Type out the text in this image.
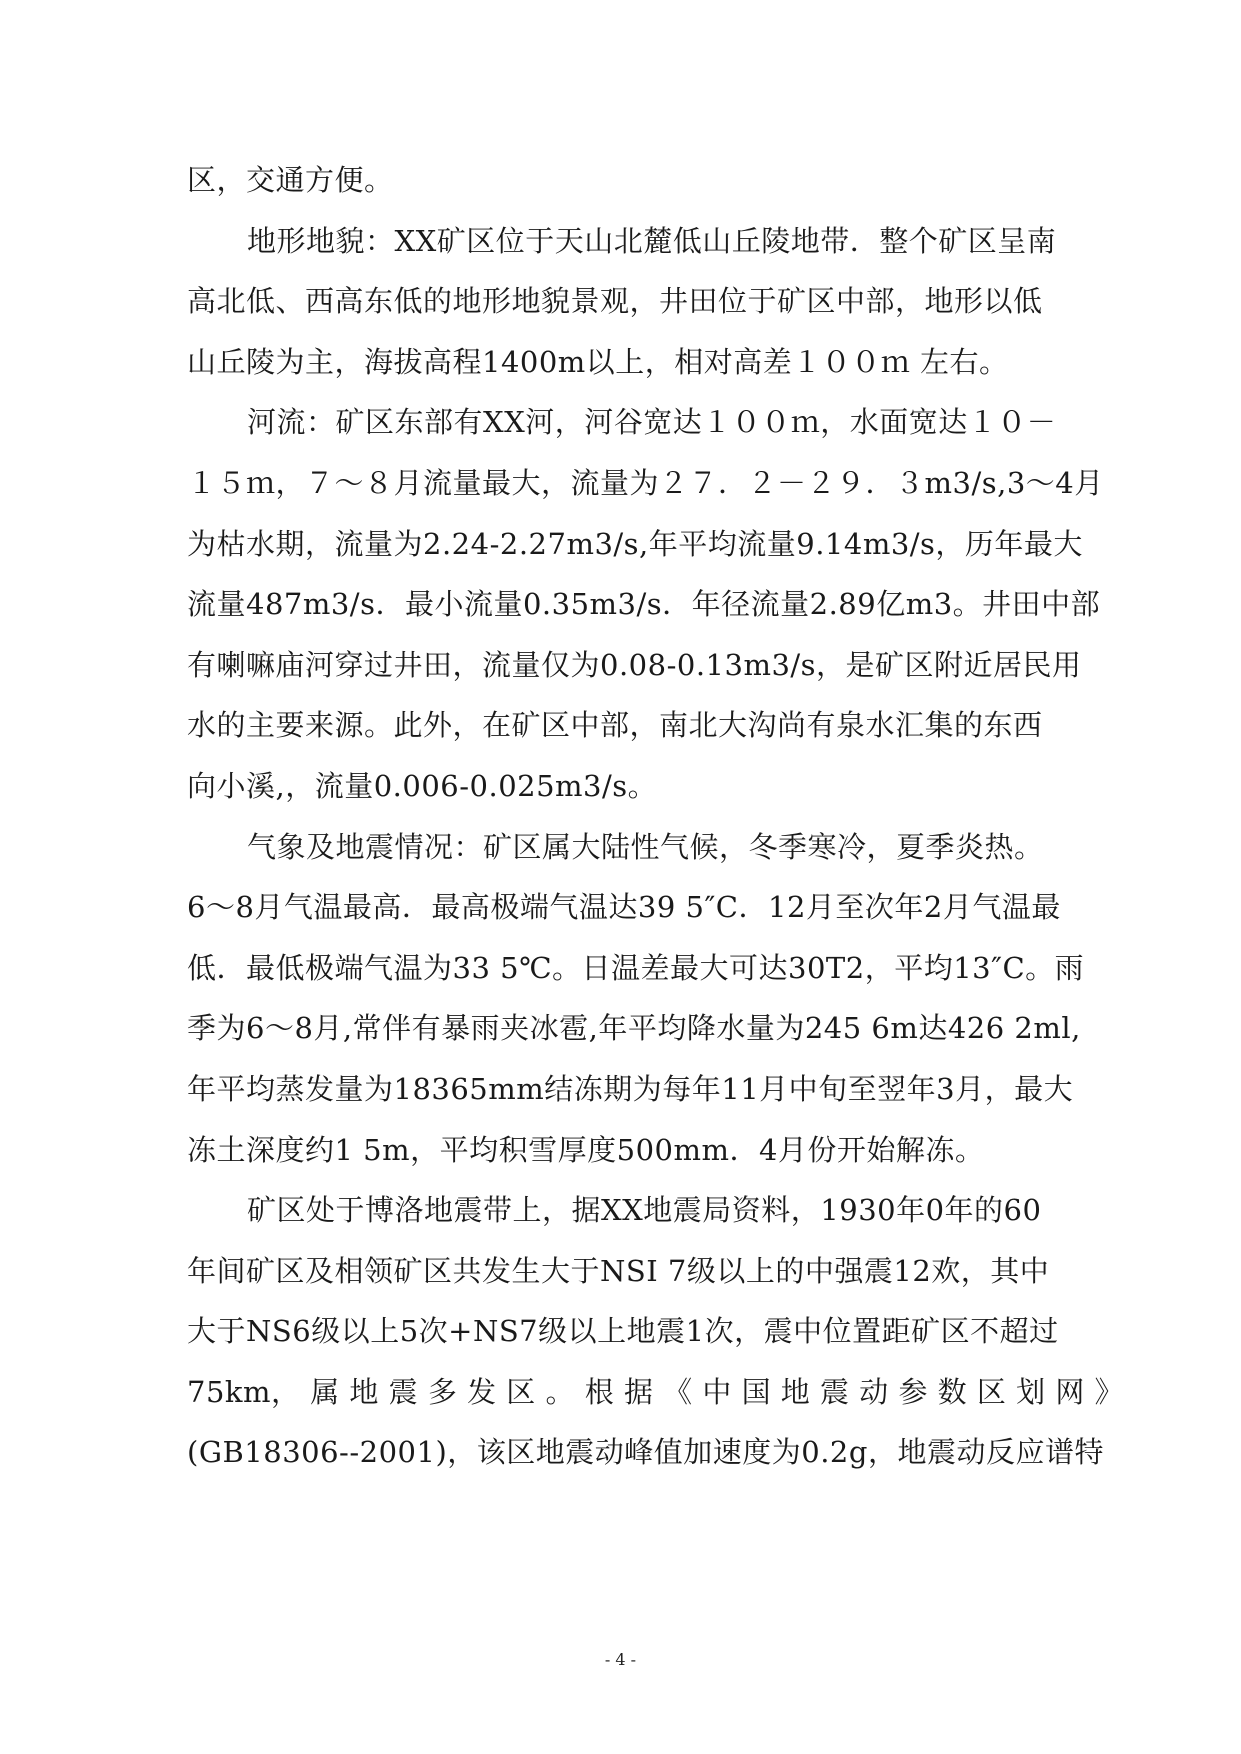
区，交通方便。
地形地貌：XX矿区位于天山北麓低山丘陵地带．整个矿区呈南
高北低、西高东低的地形地貌景观，井田位于矿区中部，地形以低
山丘陵为主，海拔高程1400m以上，相对高差１００ｍ 左右。
河流：矿区东部有XX河，河谷宽达１００ｍ，水面宽达１０－
１５ｍ，７～８月流量最大，流量为２７．２－２９．３m3/s,3～4月
为枯水期，流量为2.24-2.27m3/s,年平均流量9.14m3/s，历年最大
流量487m3/s．最小流量0.35m3/s．年径流量2.89亿m3。井田中部
有喇嘛庙河穿过井田，流量仅为0.08-0.13m3/s，是矿区附近居民用
水的主要来源。此外，在矿区中部，南北大沟尚有泉水汇集的东西
向小溪,，流量0.006-0.025m3/s。
气象及地震情况：矿区属大陆性气候，冬季寒冷，夏季炎热。
6～8月气温最高．最高极端气温达39 5″C．12月至次年2月气温最
低．最低极端气温为33 5℃。日温差最大可达30T2，平均13″C。雨
季为6～8月,常伴有暴雨夹冰雹,年平均降水量为245 6m达426 2ml,
年平均蒸发量为18365mm结冻期为每年11月中旬至翌年3月，最大
冻土深度约1 5m，平均积雪厚度500mm．4月份开始解冻。
矿区处于博洛地震带上，据XX地震局资料，1930年0年的60
年间矿区及相领矿区共发生大于NSI 7级以上的中强震12欢，其中
大于NS6级以上5次+NS7级以上地震1次，震中位置距矿区不超过
75km， 属 地 震 多 发 区 。 根 据 《 中 国 地 震 动 参 数 区 划 网 》
(GB18306--2001)，该区地震动峰值加速度为0.2g，地震动反应谱特
- 4 -
